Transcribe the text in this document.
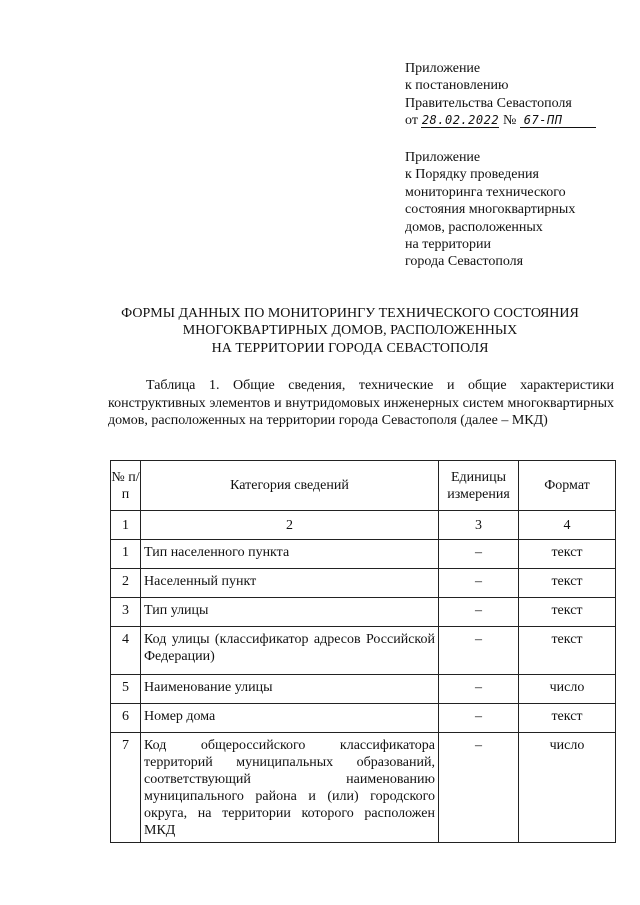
Приложение
к постановлению
Правительства Севастополя
от 28.02.2022 № 67-ПП
Приложение
к Порядку проведения
мониторинга технического
состояния многоквартирных
домов, расположенных
на территории
города Севастополя
ФОРМЫ ДАННЫХ ПО МОНИТОРИНГУ ТЕХНИЧЕСКОГО СОСТОЯНИЯ
МНОГОКВАРТИРНЫХ ДОМОВ, РАСПОЛОЖЕННЫХ
НА ТЕРРИТОРИИ ГОРОДА СЕВАСТОПОЛЯ

Таблица 1. Общие сведения, технические и общие характеристики конструктивных элементов и внутридомовых инженерных систем многоквартирных домов, расположенных на территории города Севастополя (далее – МКД)

№ п/п	Категория сведений	Единицы измерения	Формат
1	2	3	4
1	Тип населенного пункта	–	текст
2	Населенный пункт	–	текст
3	Тип улицы	–	текст
4	Код улицы (классификатор адресов Российской Федерации)	–	текст
5	Наименование улицы	–	число
6	Номер дома	–	текст
7	Код общероссийского классификатора территорий муниципальных образований, соответствующий наименованию муниципального района и (или) городского округа, на территории которого расположен МКД	–	число
